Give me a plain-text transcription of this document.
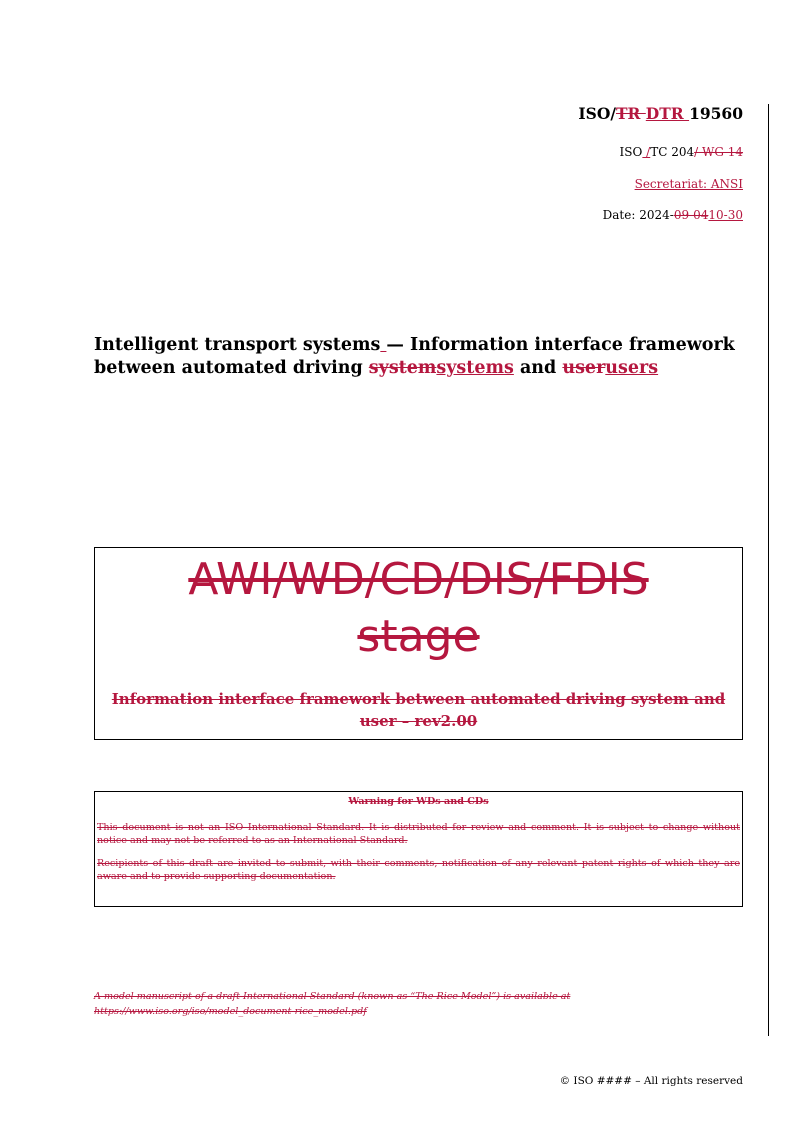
ISO/TR DTR 19560
ISO /TC 204/ WG 14
Secretariat: ANSI
Date: 2024-09-0410-30
Intelligent transport systems — Information interface framework between automated driving systemsystems and userusers
AWI/WD/CD/DIS/FDIS
stage
Information interface framework between automated driving system and user – rev2.00
Warning for WDs and CDs

This document is not an ISO International Standard. It is distributed for review and comment. It is subject to change without notice and may not be referred to as an International Standard.

Recipients of this draft are invited to submit, with their comments, notification of any relevant patent rights of which they are aware and to provide supporting documentation.

A model manuscript of a draft International Standard (known as “The Rice Model”) is available at
https://www.iso.org/iso/model_document-rice_model.pdf
© ISO #### – All rights reserved
